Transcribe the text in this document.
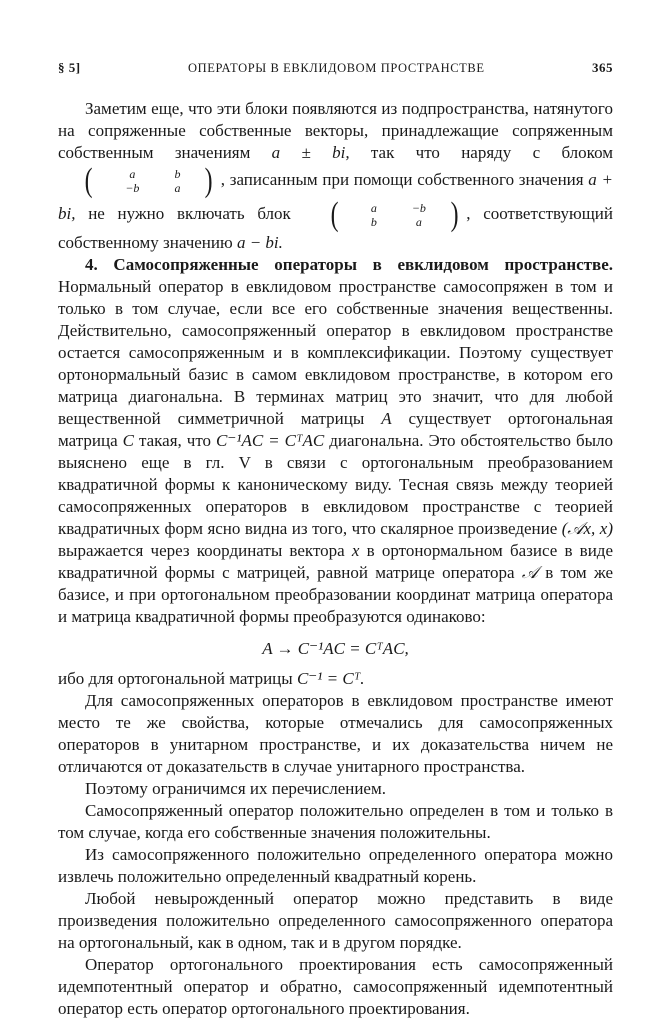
§ 5]	ОПЕРАТОРЫ В ЕВКЛИДОВОМ ПРОСТРАНСТВЕ	365

Заметим еще, что эти блоки появляются из подпространства, натянутого на сопряженные собственные векторы, принадлежащие сопряженным собственным значениям a ± bi, так что наряду с блоком
(	a	b
−b	a ) , записанным при помощи собственного значения a + bi, не нужно включать блок (	a	−b
b	a ) , соответствующий собственному значению a − bi.

4. Самосопряженные операторы в евклидовом пространстве. Нормальный оператор в евклидовом пространстве самосопряжен в том и только в том случае, если все его собственные значения вещественны. Действительно, самосопряженный оператор в евклидовом пространстве остается самосопряженным и в комплексификации. Поэтому существует ортонормальный базис в самом евклидовом пространстве, в котором его матрица диагональна. В терминах матриц это значит, что для любой вещественной симметричной матрицы A существует ортогональная матрица C такая, что C⁻¹AC = CᵀAC диагональна. Это обстоятельство было выяснено еще в гл. V в связи с ортогональным преобразованием квадратичной формы к каноническому виду. Тесная связь между теорией самосопряженных операторов в евклидовом пространстве с теорией квадратичных форм ясно видна из того, что скалярное произведение (𝒜x, x) выражается через координаты вектора x в ортонормальном базисе в виде квадратичной формы с матрицей, равной матрице оператора 𝒜 в том же базисе, и при ортогональном преобразовании координат матрица оператора и матрица квадратичной формы преобразуются одинаково:

A → C⁻¹AC = CᵀAC,

ибо для ортогональной матрицы C⁻¹ = Cᵀ.

Для самосопряженных операторов в евклидовом пространстве имеют место те же свойства, которые отмечались для самосопряженных операторов в унитарном пространстве, и их доказательства ничем не отличаются от доказательств в случае унитарного пространства.

Поэтому ограничимся их перечислением.

Самосопряженный оператор положительно определен в том и только в том случае, когда его собственные значения положительны.

Из самосопряженного положительно определенного оператора можно извлечь положительно определенный квадратный корень.

Любой невырожденный оператор можно представить в виде произведения положительно определенного самосопряженного оператора на ортогональный, как в одном, так и в другом порядке.

Оператор ортогонального проектирования есть самосопряженный идемпотентный оператор и обратно, самосопряженный идемпотентный оператор есть оператор ортогонального проектирования.
